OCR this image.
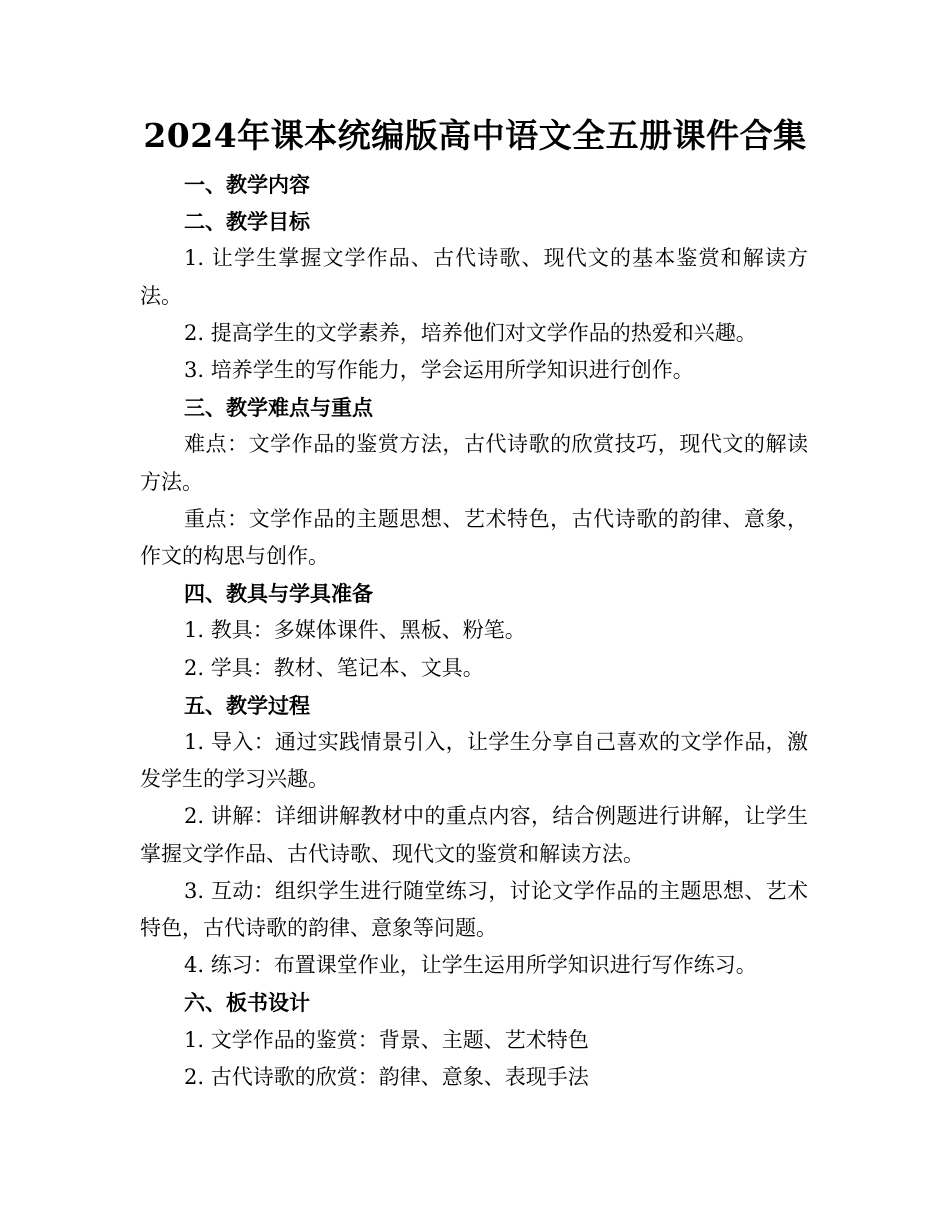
2024年课本统编版高中语文全五册课件合集

一、教学内容

二、教学目标

1. 让学生掌握文学作品、古代诗歌、现代文的基本鉴赏和解读方法。

2. 提高学生的文学素养，培养他们对文学作品的热爱和兴趣。

3. 培养学生的写作能力，学会运用所学知识进行创作。

三、教学难点与重点

难点：文学作品的鉴赏方法，古代诗歌的欣赏技巧，现代文的解读方法。

重点：文学作品的主题思想、艺术特色，古代诗歌的韵律、意象，作文的构思与创作。

四、教具与学具准备

1. 教具：多媒体课件、黑板、粉笔。

2. 学具：教材、笔记本、文具。

五、教学过程

1. 导入：通过实践情景引入，让学生分享自己喜欢的文学作品，激发学生的学习兴趣。

2. 讲解：详细讲解教材中的重点内容，结合例题进行讲解，让学生掌握文学作品、古代诗歌、现代文的鉴赏和解读方法。

3. 互动：组织学生进行随堂练习，讨论文学作品的主题思想、艺术特色，古代诗歌的韵律、意象等问题。

4. 练习：布置课堂作业，让学生运用所学知识进行写作练习。

六、板书设计

1. 文学作品的鉴赏：背景、主题、艺术特色

2. 古代诗歌的欣赏：韵律、意象、表现手法
